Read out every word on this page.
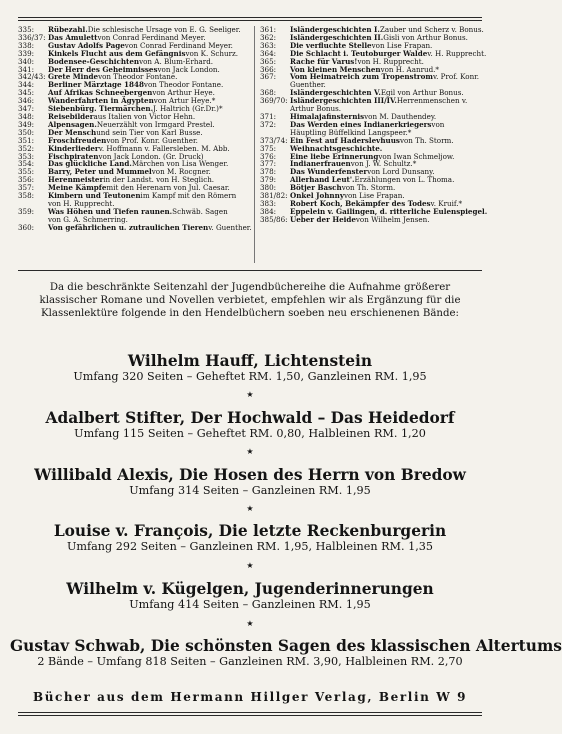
335:	Rübezahl. Die schlesische Ursage von E. G. Seeliger.
336/37: Das Amulett von Conrad Ferdinand Meyer.
338:	Gustav Adolfs Page von Conrad Ferdinand Meyer.
339:	Kinkels Flucht aus dem Gefängnis von K. Schurz.
340:	Bodensee-Geschichten von A. Blum-Erhard.
341:	Der Herr des Geheimnisses von Jack London.
342/43: Grete Minde von Theodor Fontane.
344:	Berliner Märztage 1848 von Theodor Fontane.
345:	Auf Afrikas Schneebergen von Arthur Heye.
346:	Wanderfahrten in Ägypten von Artur Heye.*
347:	Siebenbürg. Tiermärchen. J. Haltrich (Gr.Dr.)*
348:	Reisebilder aus Italien von Victor Hehn.
349:	Alpensagen. Neuerzählt von Irmgard Prestel.
350:	Der Mensch und sein Tier von Karl Busse.
351:	Froschfreuden von Prof. Konr. Guenther.
352:	Kinderlieder v. Hoffmann v. Fallersleben. M. Abb.
353:	Fischpiraten von Jack London. (Gr. Druck)
354:	Das glückliche Land. Märchen von Lisa Wenger.
355:	Barry, Peter und Mummel von M. Rocgner.
356:	Herenmeister in der Landst. von H. Steglich.
357:	Meine Kämpfe mit den Herenarn von Jul. Caesar.
358:	Kimbern und Teutonen im Kampf mit den Römern
von H. Rupprecht.
359:	Was Höhen und Tiefen raunen. Schwäb. Sagen
von G. A. Schmerring.
360:	Von gefährlichen u. zutraulichen Tieren v. Guenther.
361:	Isländergeschichten I. Zauber und Scherz v. Bonus.
362:	Isländergeschichten II. Gisli von Arthur Bonus.
363:	Die verfluchte Stelle von Lise Frapan.
364:	Die Schlacht i. Teutoburger Walde v. H. Rupprecht.
365:	Rache für Varus! von H. Rupprecht.
366:	Von kleinen Menschen von H. Aanrud.*
367:	Vom Heimatreich zum Tropenstrom v. Prof. Konr.
Guenther.
368:	Isländergeschichten V. Egil von Arthur Bonus.
369/70: Isländergeschichten III/IV. Herrenmenschen v.
Arthur Bonus.
371:	Himalajafinsternis von M. Dauthendey.
372:	Das Werden eines Indianerkriegers von
Häuptling Büffelkind Langspeer.*
373/74: Ein Fest auf Haderslevhuus von Th. Storm.
375:	Weihnachtsgeschichte.
376:	Eine liebe Erinnerung von Iwan Schmeljow.
377:	Indianerfrauen von J. W. Schultz.*
378:	Das Wunderfenster von Lord Dunsany.
379:	Allerhand Leut'. Erzählungen von L. Thoma.
380:	Bötjer Basch von Th. Storm.
381/82: Onkel Johnny von Lise Frapan.
383:	Robert Koch, Bekämpfer des Todes v. Kruif.*
384:	Eppelein v. Gailingen, d. ritterliche Eulenspiegel.
385/86: Ueber der Heide von Wilhelm Jensen.
Da die beschränkte Seitenzahl der Jugendbüchereihe die Aufnahme größerer klassischer Romane und Novellen verbietet, empfehlen wir als Ergänzung für die Klassenlektüre folgende in den Hendelbüchern soeben neu erschienenen Bände:
Wilhelm Hauff, Lichtenstein
Umfang 320 Seiten – Geheftet RM. 1,50, Ganzleinen RM. 1,95
Adalbert Stifter, Der Hochwald – Das Heidedorf
Umfang 115 Seiten – Geheftet RM. 0,80, Halbleinen RM. 1,20
Willibald Alexis, Die Hosen des Herrn von Bredow
Umfang 314 Seiten – Ganzleinen RM. 1,95
Louise v. François, Die letzte Reckenburgerin
Umfang 292 Seiten – Ganzleinen RM. 1,95, Halbleinen RM. 1,35
Wilhelm v. Kügelgen, Jugenderinnerungen
Umfang 414 Seiten – Ganzleinen RM. 1,95
Gustav Schwab, Die schönsten Sagen des klassischen Altertums
2 Bände – Umfang 818 Seiten – Ganzleinen RM. 3,90, Halbleinen RM. 2,70
★
★
★
★
★
Bücher aus dem Hermann Hillger Verlag, Berlin W 9
